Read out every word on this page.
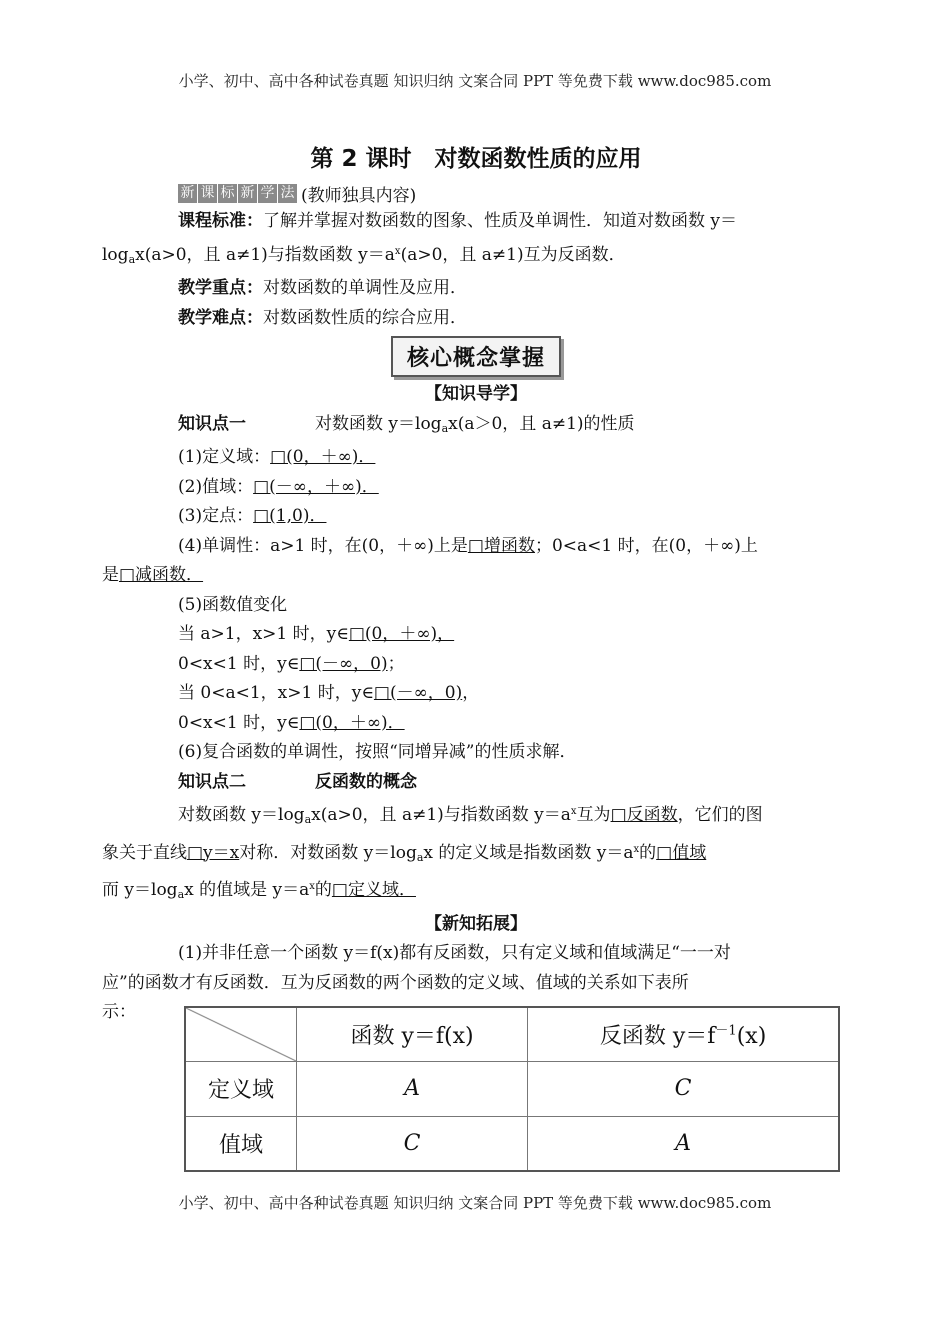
小学、初中、高中各种试卷真题 知识归纳 文案合同 PPT 等免费下载 www.doc985.com
第 2 课时　对数函数性质的应用
新 课 标 新 学 法 (教师独具内容)

课程标准：了解并掌握对数函数的图象、性质及单调性．知道对数函数 y＝
$\log_ax(a>0$，且 a≠1)与指数函数 $y=a^x(a>0$，且 a≠1)互为反函数．

教学重点：对数函数的单调性及应用．

教学难点：对数函数性质的综合应用．

核心概念掌握

【知识导学】

知识点一	对数函数 $y=\log_ax(a>0$，且 a≠1)的性质

(1)定义域：□(0，＋∞)．

(2)值域：□(－∞，＋∞)．

(3)定点：□(1,0)．

(4)单调性：a>1 时，在(0，＋∞)上是□增函数；0<a<1 时，在(0，＋∞)上
是□减函数．

(5)函数值变化

当 a>1，x>1 时，y∈□(0，＋∞)，

0<x<1 时，y∈□(－∞，0)；

当 0<a<1，x>1 时，y∈□(－∞，0)，

0<x<1 时，y∈□(0，＋∞)．

(6)复合函数的单调性，按照“同增异减”的性质求解．

知识点二	反函数的概念

对数函数 $y=\log_ax(a>0$，且 a≠1)与指数函数 $y=a^x$互为□反函数，它们的图
象关于直线□y＝x对称．对数函数 $y=\log_ax$ 的定义域是指数函数 $y=a^x$的□值域
而 $y=\log_ax$ 的值域是 $y=a^x$的□定义域．

【新知拓展】

(1)并非任意一个函数 y＝f(x)都有反函数，只有定义域和值域满足“一一对
应”的函数才有反函数．互为反函数的两个函数的定义域、值域的关系如下表所
示：

	函数 y＝f(x)	反函数 $y=f^{-1}(x)$
定义域	A	C
值域	C	A
小学、初中、高中各种试卷真题 知识归纳 文案合同 PPT 等免费下载 www.doc985.com
